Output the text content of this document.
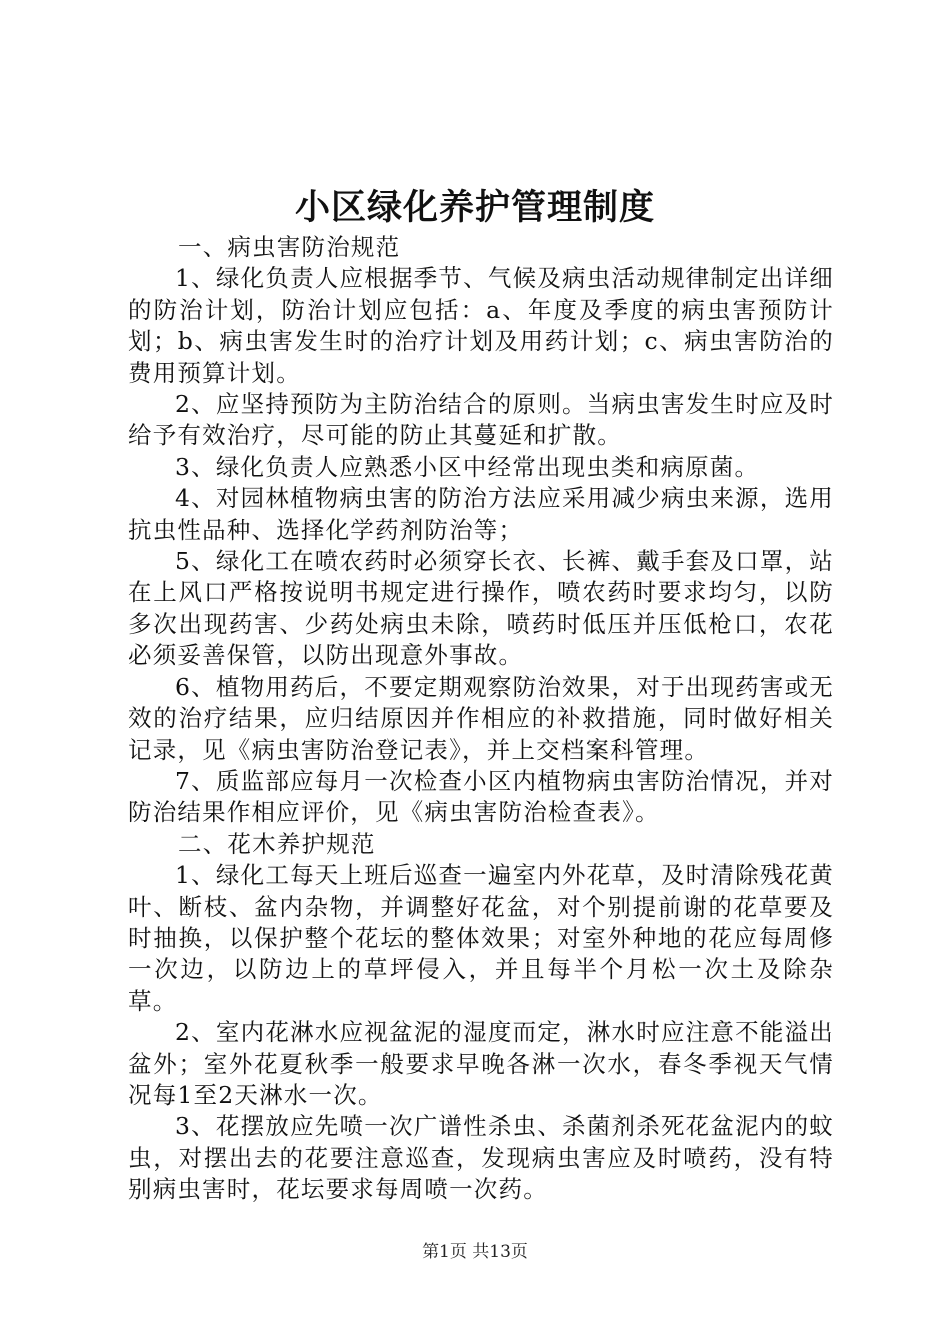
小区绿化养护管理制度

一、病虫害防治规范

1、绿化负责人应根据季节、气候及病虫活动规律制定出详细的防治计划，防治计划应包括：a、年度及季度的病虫害预防计划；b、病虫害发生时的治疗计划及用药计划；c、病虫害防治的费用预算计划。

2、应坚持预防为主防治结合的原则。当病虫害发生时应及时给予有效治疗，尽可能的防止其蔓延和扩散。

3、绿化负责人应熟悉小区中经常出现虫类和病原菌。

4、对园林植物病虫害的防治方法应采用减少病虫来源，选用抗虫性品种、选择化学药剂防治等；

5、绿化工在喷农药时必须穿长衣、长裤、戴手套及口罩，站在上风口严格按说明书规定进行操作，喷农药时要求均匀，以防多次出现药害、少药处病虫未除，喷药时低压并压低枪口，农花必须妥善保管，以防出现意外事故。

6、植物用药后，不要定期观察防治效果，对于出现药害或无效的治疗结果，应归结原因并作相应的补救措施，同时做好相关记录，见《病虫害防治登记表》，并上交档案科管理。

7、质监部应每月一次检查小区内植物病虫害防治情况，并对防治结果作相应评价，见《病虫害防治检查表》。

二、花木养护规范

1、绿化工每天上班后巡查一遍室内外花草，及时清除残花黄叶、断枝、盆内杂物，并调整好花盆，对个别提前谢的花草要及时抽换，以保护整个花坛的整体效果；对室外种地的花应每周修一次边，以防边上的草坪侵入，并且每半个月松一次土及除杂草。

2、室内花淋水应视盆泥的湿度而定，淋水时应注意不能溢出盆外；室外花夏秋季一般要求早晚各淋一次水，春冬季视天气情况每1至2天淋水一次。

3、花摆放应先喷一次广谱性杀虫、杀菌剂杀死花盆泥内的蚊虫，对摆出去的花要注意巡查，发现病虫害应及时喷药，没有特别病虫害时，花坛要求每周喷一次药。

第1页 共13页
